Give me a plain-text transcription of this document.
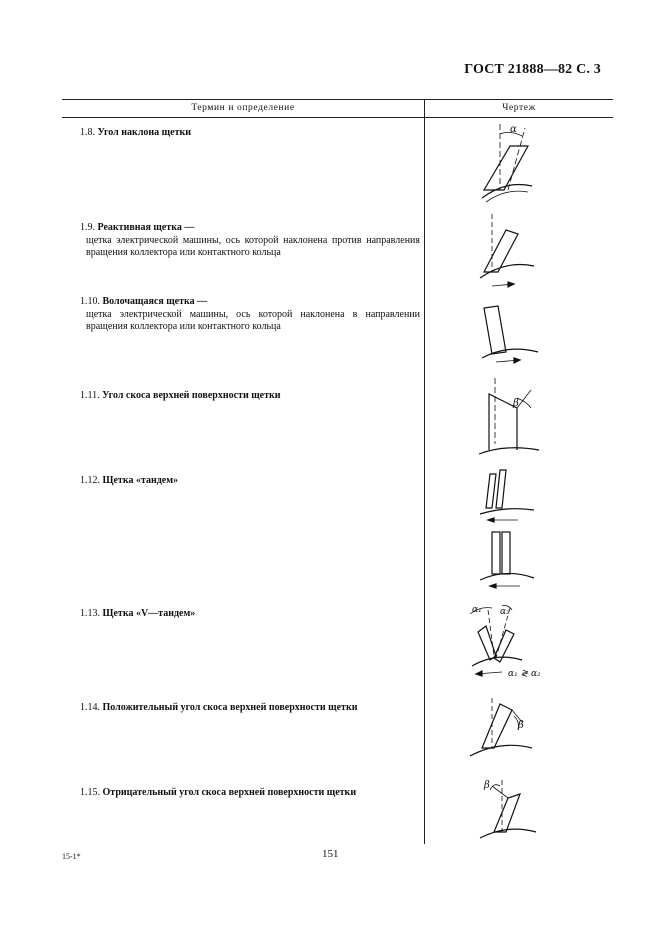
ГОСТ 21888—82 С. 3
Термин и определение	Чертеж
1.8. Угол наклона щетки
1.9. Реактивная щетка —
щетка электрической машины, ось которой наклонена против направления вращения коллектора или контактного кольца
1.10. Волочащаяся щетка —
щетка электрической машины, ось которой наклонена в направлении вращения коллектора или контактного кольца
1.11. Угол скоса верхней поверхности щетки
1.12. Щетка «тандем»
1.13. Щетка «V—тандем»
1.14. Положительный угол скоса верхней поверхности щетки
1.15. Отрицательный угол скоса верхней поверхности щетки
α
β
α₁ α₂
α₁ ≷ α₂
β
β
15-1*	151
